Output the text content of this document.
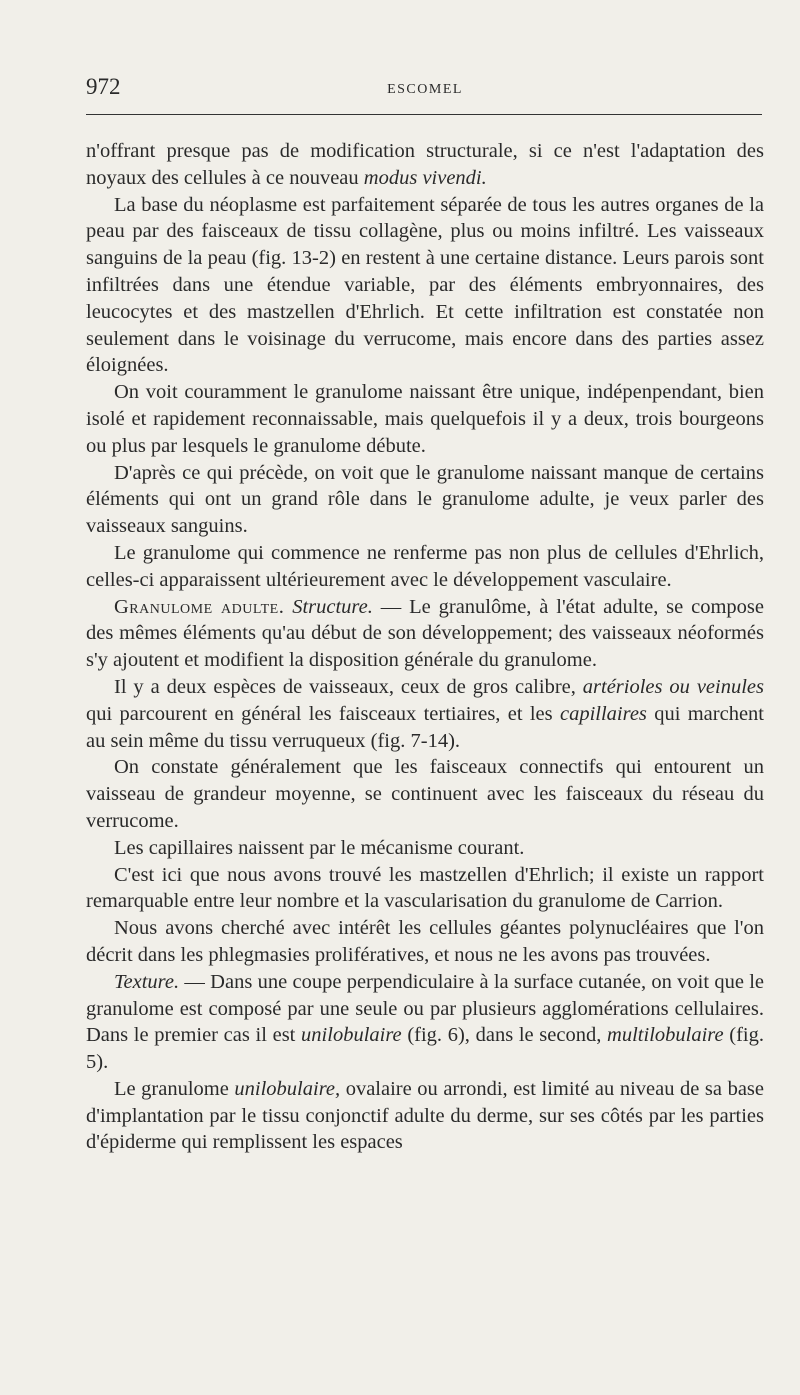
972	ESCOMEL

n'offrant presque pas de modification structurale, si ce n'est l'adaptation des noyaux des cellules à ce nouveau modus vivendi.

La base du néoplasme est parfaitement séparée de tous les autres organes de la peau par des faisceaux de tissu collagène, plus ou moins infiltré. Les vaisseaux sanguins de la peau (fig. 13-2) en restent à une certaine distance. Leurs parois sont infiltrées dans une étendue variable, par des éléments embryonnaires, des leucocytes et des mastzellen d'Ehrlich. Et cette infiltration est constatée non seulement dans le voisinage du verrucome, mais encore dans des parties assez éloignées.

On voit couramment le granulome naissant être unique, indépenpendant, bien isolé et rapidement reconnaissable, mais quelquefois il y a deux, trois bourgeons ou plus par lesquels le granulome débute.

D'après ce qui précède, on voit que le granulome naissant manque de certains éléments qui ont un grand rôle dans le granulome adulte, je veux parler des vaisseaux sanguins.

Le granulome qui commence ne renferme pas non plus de cellules d'Ehrlich, celles-ci apparaissent ultérieurement avec le développement vasculaire.

Granulome adulte. Structure. — Le granulôme, à l'état adulte, se compose des mêmes éléments qu'au début de son développement; des vaisseaux néoformés s'y ajoutent et modifient la disposition générale du granulome.

Il y a deux espèces de vaisseaux, ceux de gros calibre, artérioles ou veinules qui parcourent en général les faisceaux tertiaires, et les capillaires qui marchent au sein même du tissu verruqueux (fig. 7-14).

On constate généralement que les faisceaux connectifs qui entourent un vaisseau de grandeur moyenne, se continuent avec les faisceaux du réseau du verrucome.

Les capillaires naissent par le mécanisme courant.

C'est ici que nous avons trouvé les mastzellen d'Ehrlich; il existe un rapport remarquable entre leur nombre et la vascularisation du granulome de Carrion.

Nous avons cherché avec intérêt les cellules géantes polynucléaires que l'on décrit dans les phlegmasies prolifératives, et nous ne les avons pas trouvées.

Texture. — Dans une coupe perpendiculaire à la surface cutanée, on voit que le granulome est composé par une seule ou par plusieurs agglomérations cellulaires. Dans le premier cas il est unilobulaire (fig. 6), dans le second, multilobulaire (fig. 5).

Le granulome unilobulaire, ovalaire ou arrondi, est limité au niveau de sa base d'implantation par le tissu conjonctif adulte du derme, sur ses côtés par les parties d'épiderme qui remplissent les espaces
